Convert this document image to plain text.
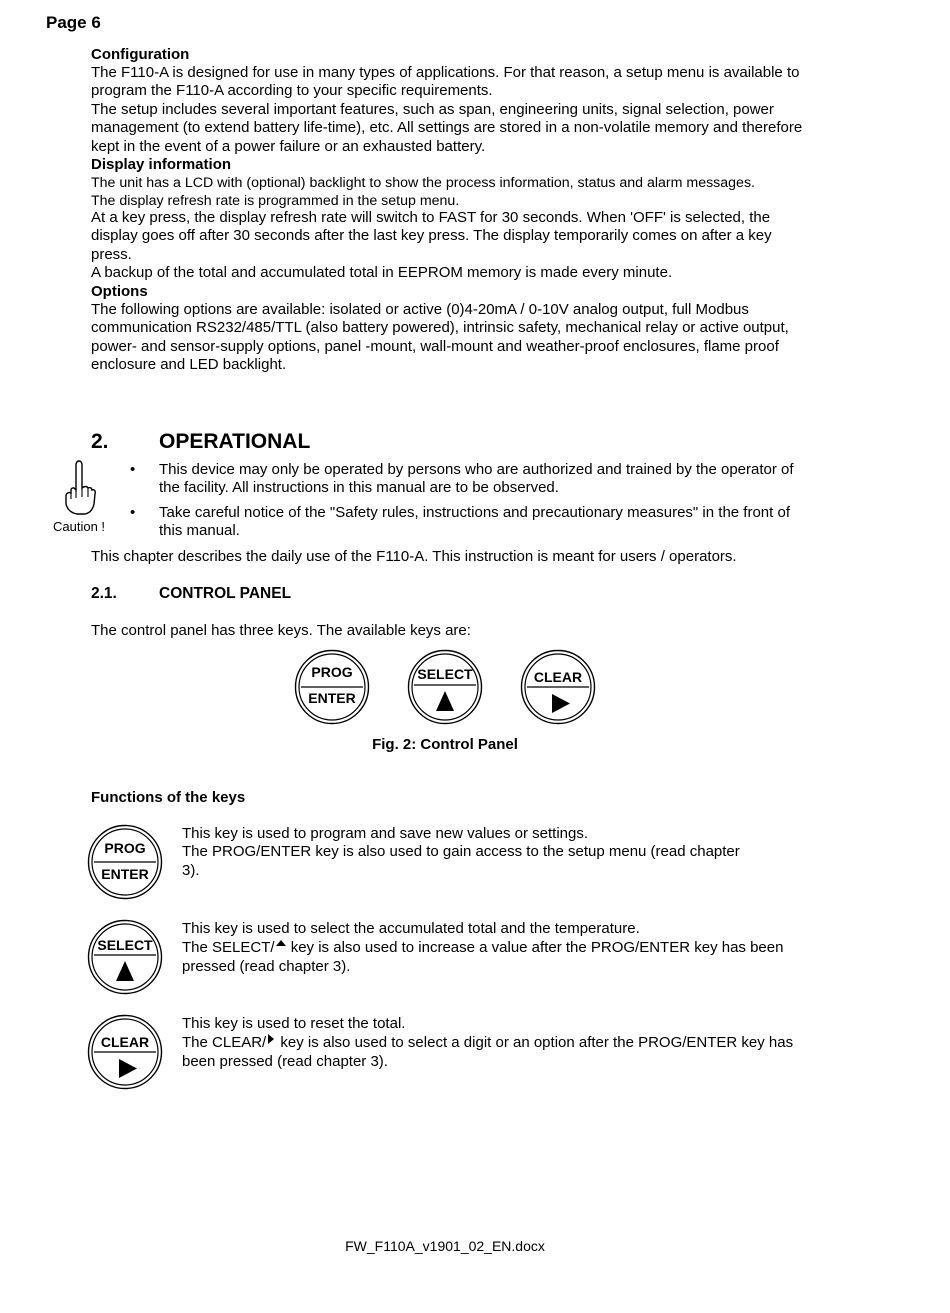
Page 6

Configuration

The F110-A is designed for use in many types of applications. For that reason, a setup menu is available to program the F110-A according to your specific requirements.

The setup includes several important features, such as span, engineering units, signal selection, power management (to extend battery life-time), etc. All settings are stored in a non-volatile memory and therefore kept in the event of a power failure or an exhausted battery.

Display information

The unit has a LCD with (optional) backlight to show the process information, status and alarm messages.

The display refresh rate is programmed in the setup menu.

At a key press, the display refresh rate will switch to FAST for 30 seconds. When 'OFF' is selected, the display goes off after 30 seconds after the last key press. The display temporarily comes on after a key press.

A backup of the total and accumulated total in EEPROM memory is made every minute.

Options

The following options are available: isolated or active (0)4-20mA / 0-10V analog output, full Modbus communication RS232/485/TTL (also battery powered), intrinsic safety, mechanical relay or active output, power- and sensor-supply options, panel -mount, wall-mount and weather-proof enclosures, flame proof enclosure and LED backlight.

2. OPERATIONAL
Caution !
• This device may only be operated by persons who are authorized and trained by the operator of the facility. All instructions in this manual are to be observed.
• Take careful notice of the "Safety rules, instructions and precautionary measures" in the front of this manual.

This chapter describes the daily use of the F110-A. This instruction is meant for users / operators.

2.1.	CONTROL PANEL

The control panel has three keys. The available keys are:

PROG
ENTER
SELECT	CLEAR
Fig. 2: Control Panel
Functions of the keys
PROG
ENTER
This key is used to program and save new values or settings.
The PROG/ENTER key is also used to gain access to the setup menu (read chapter 3).
SELECT
This key is used to select the accumulated total and the temperature.
The SELECT/ key is also used to increase a value after the PROG/ENTER key has been pressed (read chapter 3).
CLEAR
This key is used to reset the total.
The CLEAR/ key is also used to select a digit or an option after the PROG/ENTER key has been pressed (read chapter 3).
FW_F110A_v1901_02_EN.docx
